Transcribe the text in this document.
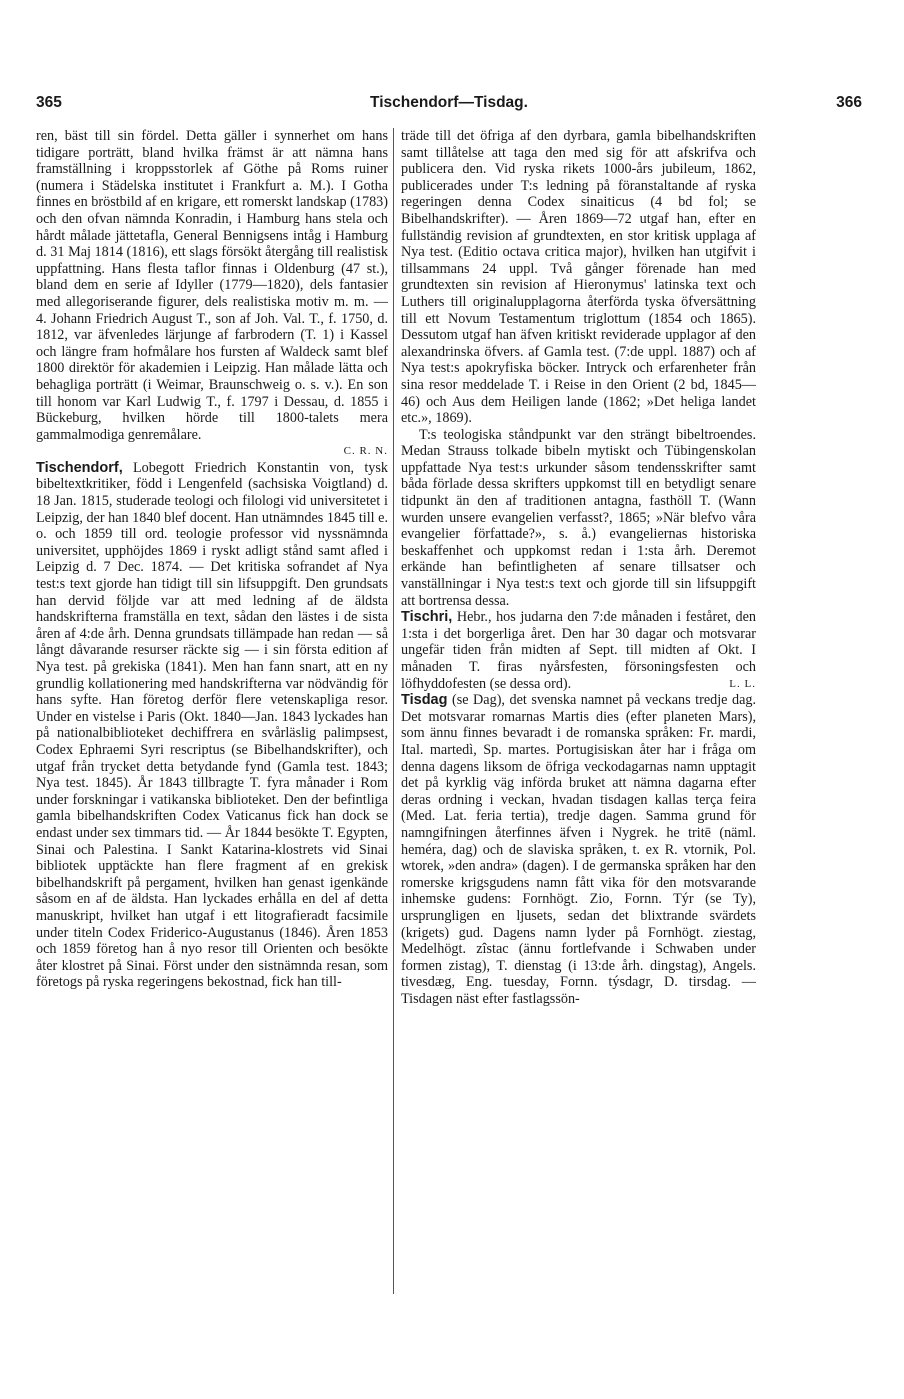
365	Tischendorf—Tisdag.	366

ren, bäst till sin fördel. Detta gäller i synnerhet om hans tidigare porträtt, bland hvilka främst är att nämna hans framställning i kroppsstorlek af Göthe på Roms ruiner (numera i Städelska institutet i Frankfurt a. M.). I Gotha finnes en bröstbild af en krigare, ett romerskt landskap (1783) och den ofvan nämnda Konradin, i Hamburg hans stela och hårdt målade jättetafla, General Bennigsens intåg i Hamburg d. 31 Maj 1814 (1816), ett slags försökt återgång till realistisk uppfattning. Hans flesta taflor finnas i Oldenburg (47 st.), bland dem en serie af Idyller (1779—1820), dels fantasier med allegoriserande figurer, dels realistiska motiv m. m. — 4. Johann Friedrich August T., son af Joh. Val. T., f. 1750, d. 1812, var äfvenledes lärjunge af farbrodern (T. 1) i Kassel och längre fram hofmålare hos fursten af Waldeck samt blef 1800 direktör för akademien i Leipzig. Han målade lätta och behagliga porträtt (i Weimar, Braunschweig o. s. v.). En son till honom var Karl Ludwig T., f. 1797 i Dessau, d. 1855 i Bückeburg, hvilken hörde till 1800-talets mera gammalmodiga genremålare.

C. R. N.

Tischendorf, Lobegott Friedrich Konstantin von, tysk bibeltextkritiker, född i Lengenfeld (sachsiska Voigtland) d. 18 Jan. 1815, studerade teologi och filologi vid universitetet i Leipzig, der han 1840 blef docent. Han utnämndes 1845 till e. o. och 1859 till ord. teologie professor vid nyssnämnda universitet, upphöjdes 1869 i ryskt adligt stånd samt afled i Leipzig d. 7 Dec. 1874. — Det kritiska sofrandet af Nya test:s text gjorde han tidigt till sin lifsuppgift. Den grundsats han dervid följde var att med ledning af de äldsta handskrifterna framställa en text, sådan den lästes i de sista åren af 4:de årh. Denna grundsats tillämpade han redan — så långt dåvarande resurser räckte sig — i sin första edition af Nya test. på grekiska (1841). Men han fann snart, att en ny grundlig kollationering med handskrifterna var nödvändig för hans syfte. Han företog derför flere vetenskapliga resor. Under en vistelse i Paris (Okt. 1840—Jan. 1843 lyckades han på nationalbiblioteket dechiffrera en svårläslig palimpsest, Codex Ephraemi Syri rescriptus (se Bibelhandskrifter), och utgaf från trycket detta betydande fynd (Gamla test. 1843; Nya test. 1845). År 1843 tillbragte T. fyra månader i Rom under forskningar i vatikanska biblioteket. Den der befintliga gamla bibelhandskriften Codex Vaticanus fick han dock se endast under sex timmars tid. — År 1844 besökte T. Egypten, Sinai och Palestina. I Sankt Katarina-klostrets vid Sinai bibliotek upptäckte han flere fragment af en grekisk bibelhandskrift på pergament, hvilken han genast igenkände såsom en af de äldsta. Han lyckades erhålla en del af detta manuskript, hvilket han utgaf i ett litografieradt facsimile under titeln Codex Friderico-Augustanus (1846). Åren 1853 och 1859 företog han å nyo resor till Orienten och besökte åter klostret på Sinai. Först under den sistnämnda resan, som företogs på ryska regeringens bekostnad, fick han till-

träde till det öfriga af den dyrbara, gamla bibelhandskriften samt tillåtelse att taga den med sig för att afskrifva och publicera den. Vid ryska rikets 1000-års jubileum, 1862, publicerades under T:s ledning på föranstaltande af ryska regeringen denna Codex sinaiticus (4 bd fol; se Bibelhandskrifter). — Åren 1869—72 utgaf han, efter en fullständig revision af grundtexten, en stor kritisk upplaga af Nya test. (Editio octava critica major), hvilken han utgifvit i tillsammans 24 uppl. Två gånger förenade han med grundtexten sin revision af Hieronymus' latinska text och Luthers till originalupplagorna återförda tyska öfversättning till ett Novum Testamentum triglottum (1854 och 1865). Dessutom utgaf han äfven kritiskt reviderade upplagor af den alexandrinska öfvers. af Gamla test. (7:de uppl. 1887) och af Nya test:s apokryfiska böcker. Intryck och erfarenheter från sina resor meddelade T. i Reise in den Orient (2 bd, 1845—46) och Aus dem Heiligen lande (1862; »Det heliga landet etc.», 1869).

T:s teologiska ståndpunkt var den strängt bibeltroendes. Medan Strauss tolkade bibeln mytiskt och Tübingenskolan uppfattade Nya test:s urkunder såsom tendensskrifter samt båda förlade dessa skrifters uppkomst till en betydligt senare tidpunkt än den af traditionen antagna, fasthöll T. (Wann wurden unsere evangelien verfasst?, 1865; »När blefvo våra evangelier författade?», s. å.) evangeliernas historiska beskaffenhet och uppkomst redan i 1:sta årh. Deremot erkände han befintligheten af senare tillsatser och vanställningar i Nya test:s text och gjorde till sin lifsuppgift att bortrensa dessa.

Tischri, Hebr., hos judarna den 7:de månaden i feståret, den 1:sta i det borgerliga året. Den har 30 dagar och motsvarar ungefär tiden från midten af Sept. till midten af Okt. I månaden T. firas nyårsfesten, försoningsfesten och löfhyddofesten (se dessa ord).	L. L.

Tisdag (se Dag), det svenska namnet på veckans tredje dag. Det motsvarar romarnas Martis dies (efter planeten Mars), som ännu finnes bevaradt i de romanska språken: Fr. mardi, Ital. martedì, Sp. martes. Portugisiskan åter har i fråga om denna dagens liksom de öfriga veckodagarnas namn upptagit det på kyrklig väg införda bruket att nämna dagarna efter deras ordning i veckan, hvadan tisdagen kallas terça feira (Med. Lat. feria tertia), tredje dagen. Samma grund för namngifningen återfinnes äfven i Nygrek. he tritē (näml. heméra, dag) och de slaviska språken, t. ex R. vtornik, Pol. wtorek, »den andra» (dagen). I de germanska språken har den romerske krigsgudens namn fått vika för den motsvarande inhemske gudens: Fornhögt. Zio, Fornn. Týr (se Ty), ursprungligen en ljusets, sedan det blixtrande svärdets (krigets) gud. Dagens namn lyder på Fornhögt. ziestag, Medelhögt. zîstac (ännu fortlefvande i Schwaben under formen zistag), T. dienstag (i 13:de årh. dingstag), Angels. tivesdæg, Eng. tuesday, Fornn. týsdagr, D. tirsdag. — Tisdagen näst efter fastlagssön-
